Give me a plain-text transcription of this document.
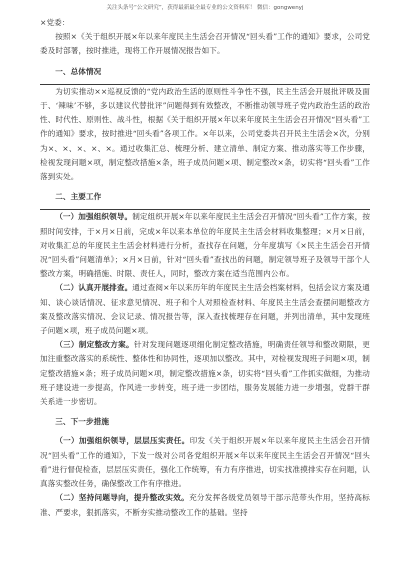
关注头条号“公文研究”，获得最新最全最专业的公文资料库！ 微信：gongwenyj

×党委：

按照×《关于组织开展×年以来年度民主生活会召开情况“回头看”工作的通知》要求，公司党委及时部署，按时推进，现将工作开展情况报告如下。

一、总体情况

为切实推动××巡视反馈的“党内政治生活的原则性斗争性不强，民主生活会开展批评吸及面于、‘辣味’不够，多以建议代替批评”问题得到有效整改，不断推动领导班子党内政治生活的政治性、时代性、原则性、战斗性，根据《关于组织开展×年以来年度民主生活会召开情况“回头看”工作的通知》要求，按时推进“回头看”各项工作。×年以来，公司党委共召开民主生活会×次，分别为×、×、×、×、×。通过收集汇总、梳理分析、建立清单、制定方案、推动落实等工作步骤，检视发现问题×项，制定整改措施×条，班子成员问题×项、制定整改×条，切实将“回头看”工作落到实处。

二、主要工作

（一）加强组织领导。制定组织开展×年以来年度民主生活会召开情况“回头看”工作方案，按照时间安排，于×月×日前，完成×年以来本单位的年度民主生活会材料收集整理；×月×日前，对收集汇总的年度民主生活会材料进行分析，查找存在问题，分年度填写《×民主生活会召开情况“回头看”问题清单》；×月×日前，针对“回头看”查找出的问题，制定领导班子及领导干部个人整改方案，明确措施、时限、责任人，同时，整改方案在适当范围内公布。

（二）认真开展排查。通过查阅×年以来历年的年度民主生活会档案材料，包括会议方案及通知、谈心谈话情况、征求意见情况、班子和个人对照检查材料、年度民主生活会查摆问题整改方案及整改落实情况、会议记录、情况报告等，深入查找梳理存在问题，并列出清单，其中发现班子问题×项，班子成员问题×项。

（三）制定整改方案。针对发现问题逐项细化制定整改措施，明确责任领导和整改期限，更加注重整改落实的系统性、整体性和协同性，逐项加以整改。其中，对检视发现班子问题×项，制定整改措施×条；班子成员问题×项，制定整改措施×条，切实将“回头看”工作抓实做细，为推动班子建设进一步提高，作风进一步转变，班子进一步团结，服务发展能力进一步增强，党群干群关系进一步密切。

三、下一步措施

（一）加强组织领导，层层压实责任。印发《关于组织开展×年以来年度民主生活会召开情况“回头看”工作的通知》，下发一级对公司各党组织开展×年以来年度民主生活会召开情况“回头看”进行督促检查，层层压实责任，强化工作统筹，有力有序推进，切实找准摸排实存在问题，认真落实整改任务，确保整改工作有序推进。

（二）坚持问题导向，提升整改实效。充分发挥各级党员领导干部示范带头作用，坚持高标准、严要求，狠抓落实，不断夯实推动整改工作的基础。坚持
